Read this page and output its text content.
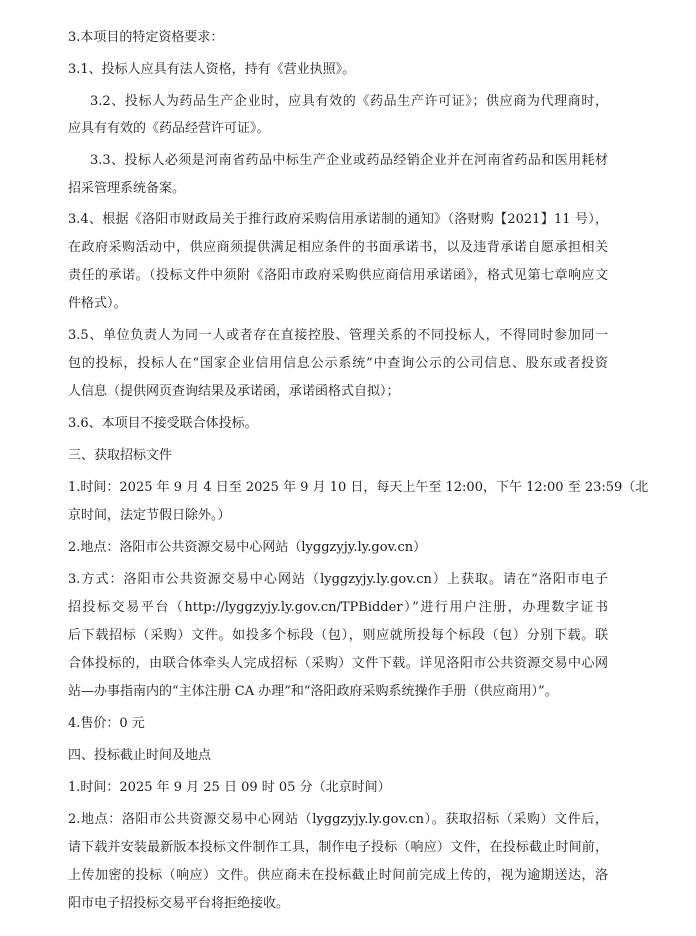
3.本项目的特定资格要求：
3.1、投标人应具有法人资格，持有《营业执照》。
3.2、投标人为药品生产企业时，应具有效的《药品生产许可证》；供应商为代理商时，
应具有有效的《药品经营许可证》。
3.3、投标人必须是河南省药品中标生产企业或药品经销企业并在河南省药品和医用耗材
招采管理系统备案。
3.4、根据《洛阳市财政局关于推行政府采购信用承诺制的通知》（洛财购【2021】11 号），
在政府采购活动中，供应商须提供满足相应条件的书面承诺书，以及违背承诺自愿承担相关
责任的承诺。（投标文件中须附《洛阳市政府采购供应商信用承诺函》，格式见第七章响应文
件格式）。
3.5、单位负责人为同一人或者存在直接控股、管理关系的不同投标人，不得同时参加同一
包的投标，投标人在“国家企业信用信息公示系统”中查询公示的公司信息、股东或者投资
人信息（提供网页查询结果及承诺函，承诺函格式自拟）；
3.6、本项目不接受联合体投标。
三、获取招标文件
1.时间：2025 年 9 月 4 日至 2025 年 9 月 10 日，每天上午至 12:00，下午 12:00 至 23:59（北
京时间，法定节假日除外。）
2.地点：洛阳市公共资源交易中心网站（lyggzyjy.ly.gov.cn）
3.方式：洛阳市公共资源交易中心网站（lyggzyjy.ly.gov.cn）上获取。请在“洛阳市电子
招投标交易平台（http://lyggzyjy.ly.gov.cn/TPBidder）”进行用户注册，办理数字证书
后下载招标（采购）文件。如投多个标段（包），则应就所投每个标段（包）分别下载。联
合体投标的，由联合体牵头人完成招标（采购）文件下载。详见洛阳市公共资源交易中心网
站—办事指南内的“主体注册 CA 办理”和“洛阳政府采购系统操作手册（供应商用）”。
4.售价：0 元
四、投标截止时间及地点
1.时间：2025 年 9 月 25 日 09 时 05 分（北京时间）
2.地点：洛阳市公共资源交易中心网站（lyggzyjy.ly.gov.cn）。获取招标（采购）文件后，
请下载并安装最新版本投标文件制作工具，制作电子投标（响应）文件，在投标截止时间前，
上传加密的投标（响应）文件。供应商未在投标截止时间前完成上传的，视为逾期送达，洛
阳市电子招投标交易平台将拒绝接收。
